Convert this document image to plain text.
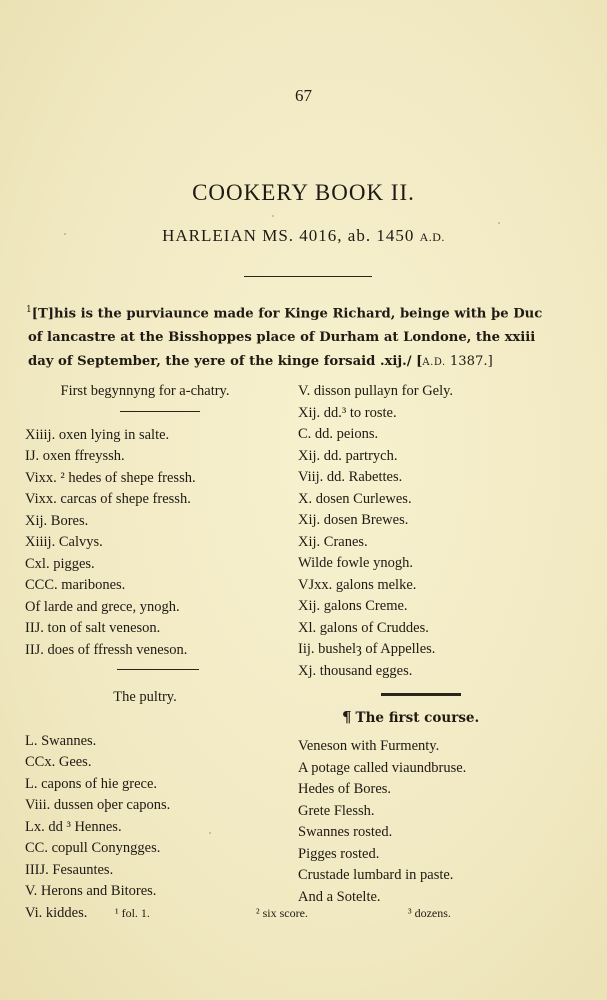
67
COOKERY BOOK II.
HARLEIAN MS. 4016, ab. 1450 A.D.
$^1$[T]his is the purviaunce made for Kinge Richard, beinge with þe Duc
of lancastre at the Bisshoppes place of Durham at Londone, the xxiii
day of September, the yere of the kinge forsaid .xij./ [A.D. 1387.]
First begynnyng for a-chatry.
Xiiij. oxen lying in salte.
IJ. oxen ffreyssh.
Vixx. ² hedes of shepe fressh.
Vixx. carcas of shepe fressh.
Xij. Bores.
Xiiij. Calvys.
Cxl. pigges.
CCC. maribones.
Of larde and grece, ynogh.
IIJ. ton of salt veneson.
IIJ. does of ffressh veneson.
The pultry.
L. Swannes.
CCx. Gees.
L. capons of hie grece.
Viii. dussen oþer capons.
Lx. dd ³ Hennes.
CC. copull Conyngges.
IIIJ. Fesauntes.
V. Herons and Bitores.
Vi. kiddes.
V. disson pullayn for Gely.
Xij. dd.³ to roste.
C. dd. peions.
Xij. dd. partrych.
Viij. dd. Rabettes.
X. dosen Curlewes.
Xij. dosen Brewes.
Xij. Cranes.
Wilde fowle ynogh.
VJxx. galons melke.
Xij. galons Creme.
Xl. galons of Cruddes.
Iij. bushelȝ of Appelles.
Xj. thousand egges.
¶ The first course.
Veneson with Furmenty.
A potage called viaundbruse.
Hedes of Bores.
Grete Flessh.
Swannes rosted.
Pigges rosted.
Crustade lumbard in paste.
And a Sotelte.
¹ fol. 1.	² six score.	³ dozens.
